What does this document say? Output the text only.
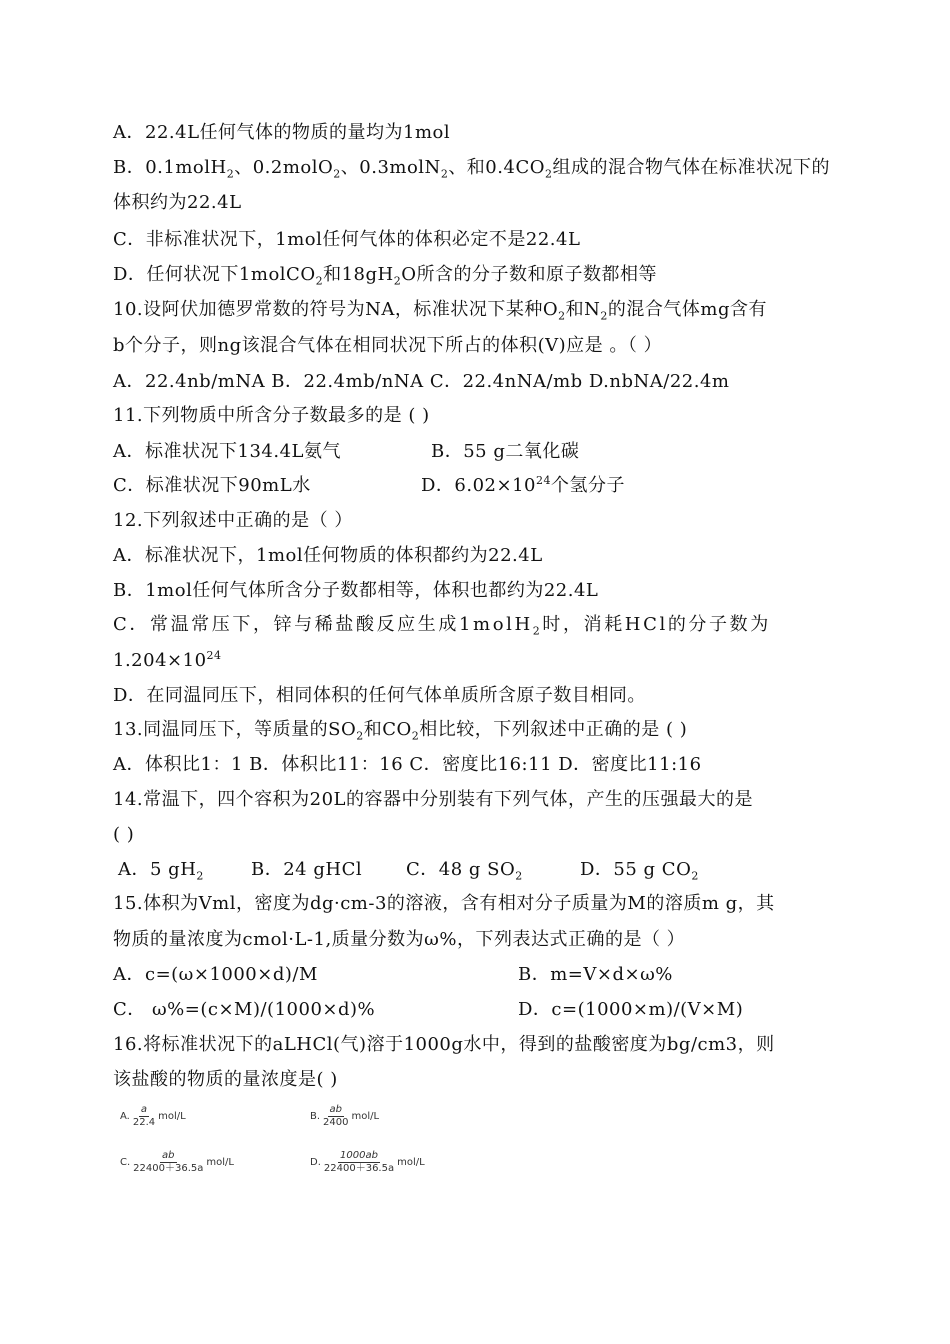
A．22.4L任何气体的物质的量均为1mol
B．0.1molH$_2$、0.2molO$_2$、0.3molN$_2$、和$0.4CO_2$组成的混合物气体在标准状况下的
体积约为22.4L
C．非标准状况下，1mol任何气体的体积必定不是22.4L
D．任何状况下1molCO$_2$和$18gH_2O$所含的分子数和原子数都相等
10.设阿伏加德罗常数的符号为NA，标准状况下某种$O_2$和$N_2$的混合气体mg含有
b个分子，则ng该混合气体在相同状况下所占的体积(V)应是 。（ ）
A．22.4nb/mNA B．22.4mb/nNA C．22.4nNA/mb D.nbNA/22.4m
11.下列物质中所含分子数最多的是 ( )
A．标准状况下134.4L氨气	B．55 g二氧化碳
C．标准状况下90mL水	D．$6.02\times 10^{24}$个氢分子
12.下列叙述中正确的是（ ）
A．标准状况下，1mol任何物质的体积都约为22.4L
B．1mol任何气体所含分子数都相等，体积也都约为22.4L
C．常温常压下，锌与稀盐酸反应生成1molH$_2$时，消耗HCl的分子数为
$1.204\times 10^{24}$
D．在同温同压下，相同体积的任何气体单质所含原子数目相同。
13.同温同压下，等质量的$SO_2$和$CO_2$相比较，下列叙述中正确的是 ( )
A．体积比1：1 B．体积比11：16 C．密度比16:11 D．密度比11:16
14.常温下，四个容积为20L的容器中分别装有下列气体，产生的压强最大的是
( )
A．5 $gH_2$	B．24 gHCl C．48 g $SO_2$	D．55 g $CO_2$
15.体积为Vml，密度为dg·cm-3的溶液，含有相对分子质量为M的溶质m g，其
物质的量浓度为cmol·L-1,质量分数为ω%，下列表达式正确的是（ ）
A．c=(ω×1000×d)/M	B．m=V×d×ω%
C． ω%=(c×M)/(1000×d)%	D．c=(1000×m)/(V×M)
16.将标准状况下的aLHCl(气)溶于1000g水中，得到的盐酸密度为bg/cm3，则
该盐酸的物质的量浓度是( )
A.
a
22.4
mol/L	B.
ab
2400
mol/L
C.
ab
22400＋36.5a
mol/L	D.
1000ab
22400＋36.5a
mol/L
